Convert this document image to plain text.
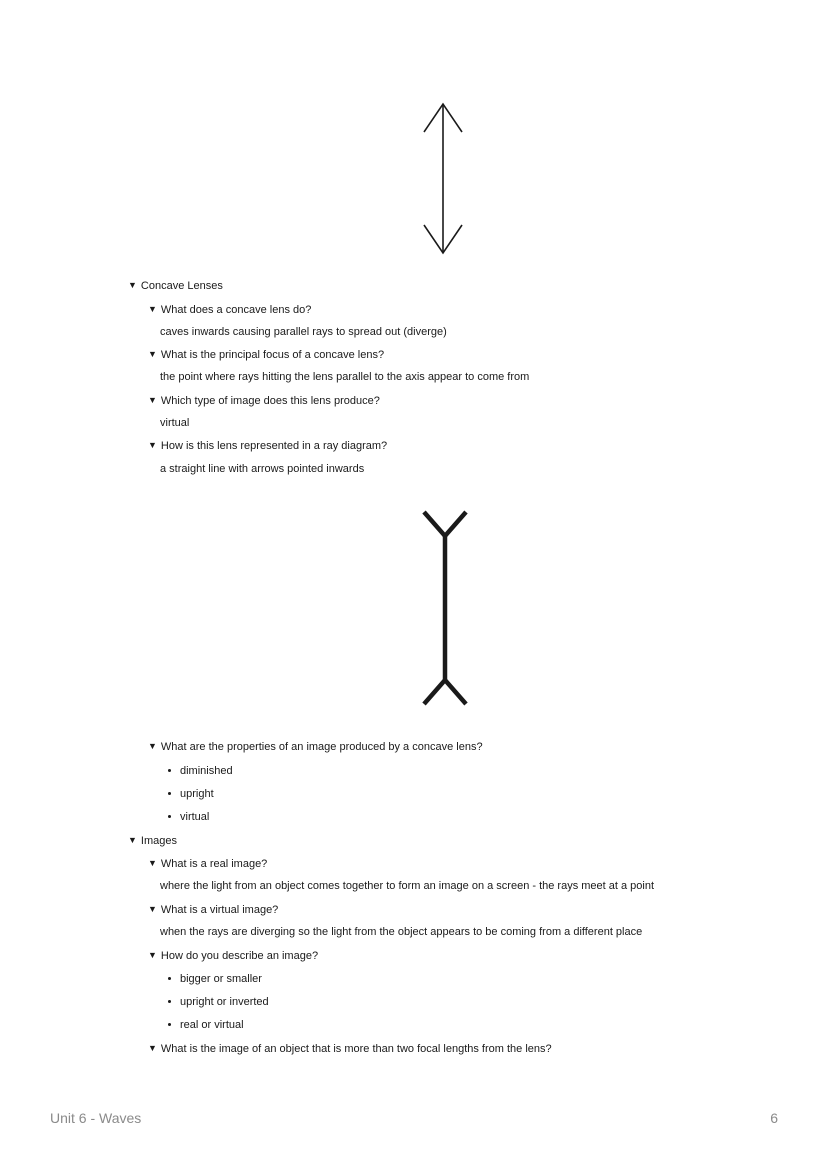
▼ Concave Lenses
▼ What does a concave lens do?
caves inwards causing parallel rays to spread out (diverge)
▼ What is the principal focus of a concave lens?
the point where rays hitting the lens parallel to the axis appear to come from
▼ Which type of image does this lens produce?
virtual
▼ How is this lens represented in a ray diagram?
a straight line with arrows pointed inwards
▼ What are the properties of an image produced by a concave lens?
diminished
upright
virtual
▼ Images
▼ What is a real image?
where the light from an object comes together to form an image on a screen - the rays meet at a point
▼ What is a virtual image?
when the rays are diverging so the light from the object appears to be coming from a different place
▼ How do you describe an image?
bigger or smaller
upright or inverted
real or virtual
▼ What is the image of an object that is more than two focal lengths from the lens?
Unit 6 - Waves	6
